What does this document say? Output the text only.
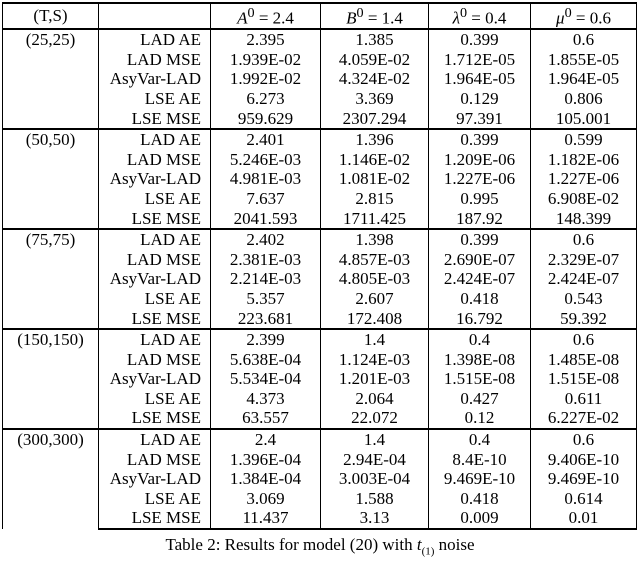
(T,S)		$A^0 = 2.4$	$B^0 = 1.4$	$\lambda^0 = 0.4$	$\mu^0 = 0.6$
(25,25)	LAD AE	2.395	1.385	0.399	0.6
	LAD MSE	1.939E-02	4.059E-02	1.712E-05	1.855E-05
	AsyVar-LAD	1.992E-02	4.324E-02	1.964E-05	1.964E-05
	LSE AE	6.273	3.369	0.129	0.806
	LSE MSE	959.629	2307.294	97.391	105.001
(50,50)	LAD AE	2.401	1.396	0.399	0.599
	LAD MSE	5.246E-03	1.146E-02	1.209E-06	1.182E-06
	AsyVar-LAD	4.981E-03	1.081E-02	1.227E-06	1.227E-06
	LSE AE	7.637	2.815	0.995	6.908E-02
	LSE MSE	2041.593	1711.425	187.92	148.399
(75,75)	LAD AE	2.402	1.398	0.399	0.6
	LAD MSE	2.381E-03	4.857E-03	2.690E-07	2.329E-07
	AsyVar-LAD	2.214E-03	4.805E-03	2.424E-07	2.424E-07
	LSE AE	5.357	2.607	0.418	0.543
	LSE MSE	223.681	172.408	16.792	59.392
(150,150)	LAD AE	2.399	1.4	0.4	0.6
	LAD MSE	5.638E-04	1.124E-03	1.398E-08	1.485E-08
	AsyVar-LAD	5.534E-04	1.201E-03	1.515E-08	1.515E-08
	LSE AE	4.373	2.064	0.427	0.611
	LSE MSE	63.557	22.072	0.12	6.227E-02
(300,300)	LAD AE	2.4	1.4	0.4	0.6
	LAD MSE	1.396E-04	2.94E-04	8.4E-10	9.406E-10
	AsyVar-LAD	1.384E-04	3.003E-04	9.469E-10	9.469E-10
	LSE AE	3.069	1.588	0.418	0.614
	LSE MSE	11.437	3.13	0.009	0.01
Table 2: Results for model (20) with $t_{(1)}$ noise
